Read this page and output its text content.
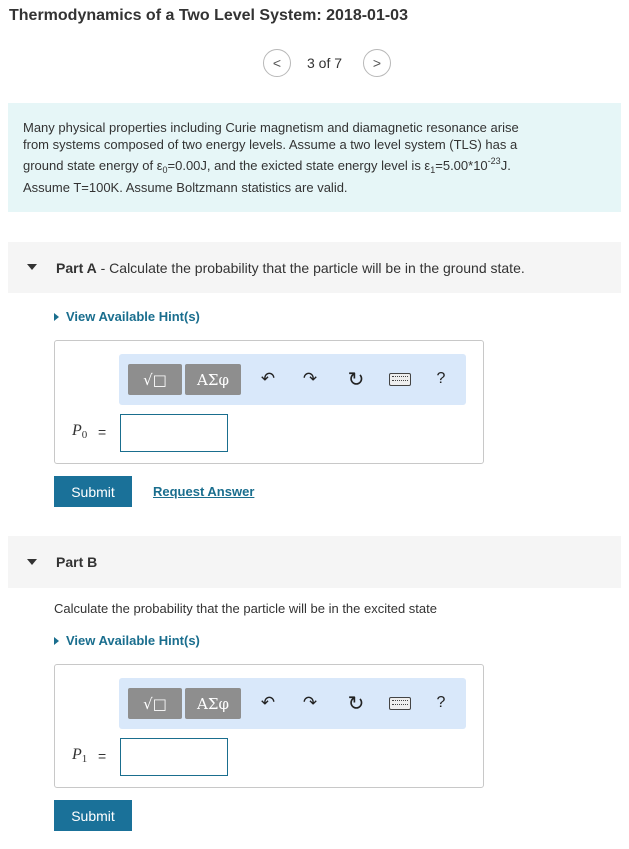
Thermodynamics of a Two Level System: 2018-01-03
< 3 of 7 >
Many physical properties including Curie magnetism and diamagnetic resonance arise
from systems composed of two energy levels. Assume a two level system (TLS) has a
ground state energy of $\varepsilon_0=0.00J$, and the exicted state energy level is $\varepsilon_1=5.00*10^{-23}J$.
Assume T=100K. Assume Boltzmann statistics are valid.
Part A - Calculate the probability that the particle will be in the ground state.
View Available Hint(s)
√□ ΑΣφ ↶ ↷ ↻	?
P0 =
Submit	Request Answer
Part B
Calculate the probability that the particle will be in the excited state
View Available Hint(s)
√□ ΑΣφ ↶ ↷ ↻	?
P1 =
Submit
